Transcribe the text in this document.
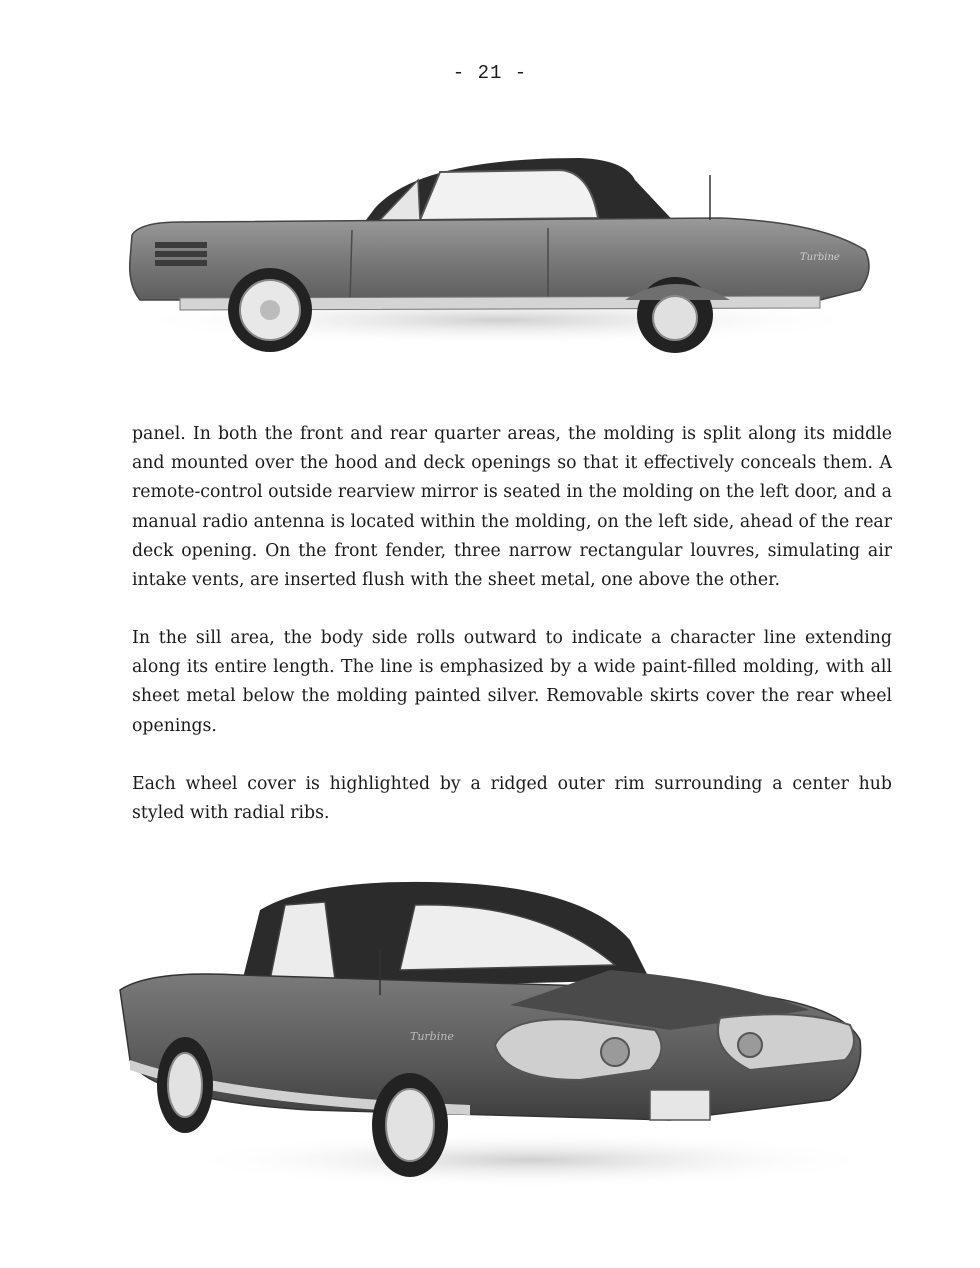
- 21 -
Turbine

panel. In both the front and rear quarter areas, the molding is split along its middle and mounted over the hood and deck openings so that it effectively conceals them. A remote-control outside rearview mirror is seated in the molding on the left door, and a manual radio antenna is located within the molding, on the left side, ahead of the rear deck opening. On the front fender, three narrow rectangular louvres, simulating air intake vents, are inserted flush with the sheet metal, one above the other.

In the sill area, the body side rolls outward to indicate a character line extending along its entire length. The line is emphasized by a wide paint-filled molding, with all sheet metal below the molding painted silver. Removable skirts cover the rear wheel openings.

Each wheel cover is highlighted by a ridged outer rim surrounding a center hub styled with radial ribs.

Turbine
